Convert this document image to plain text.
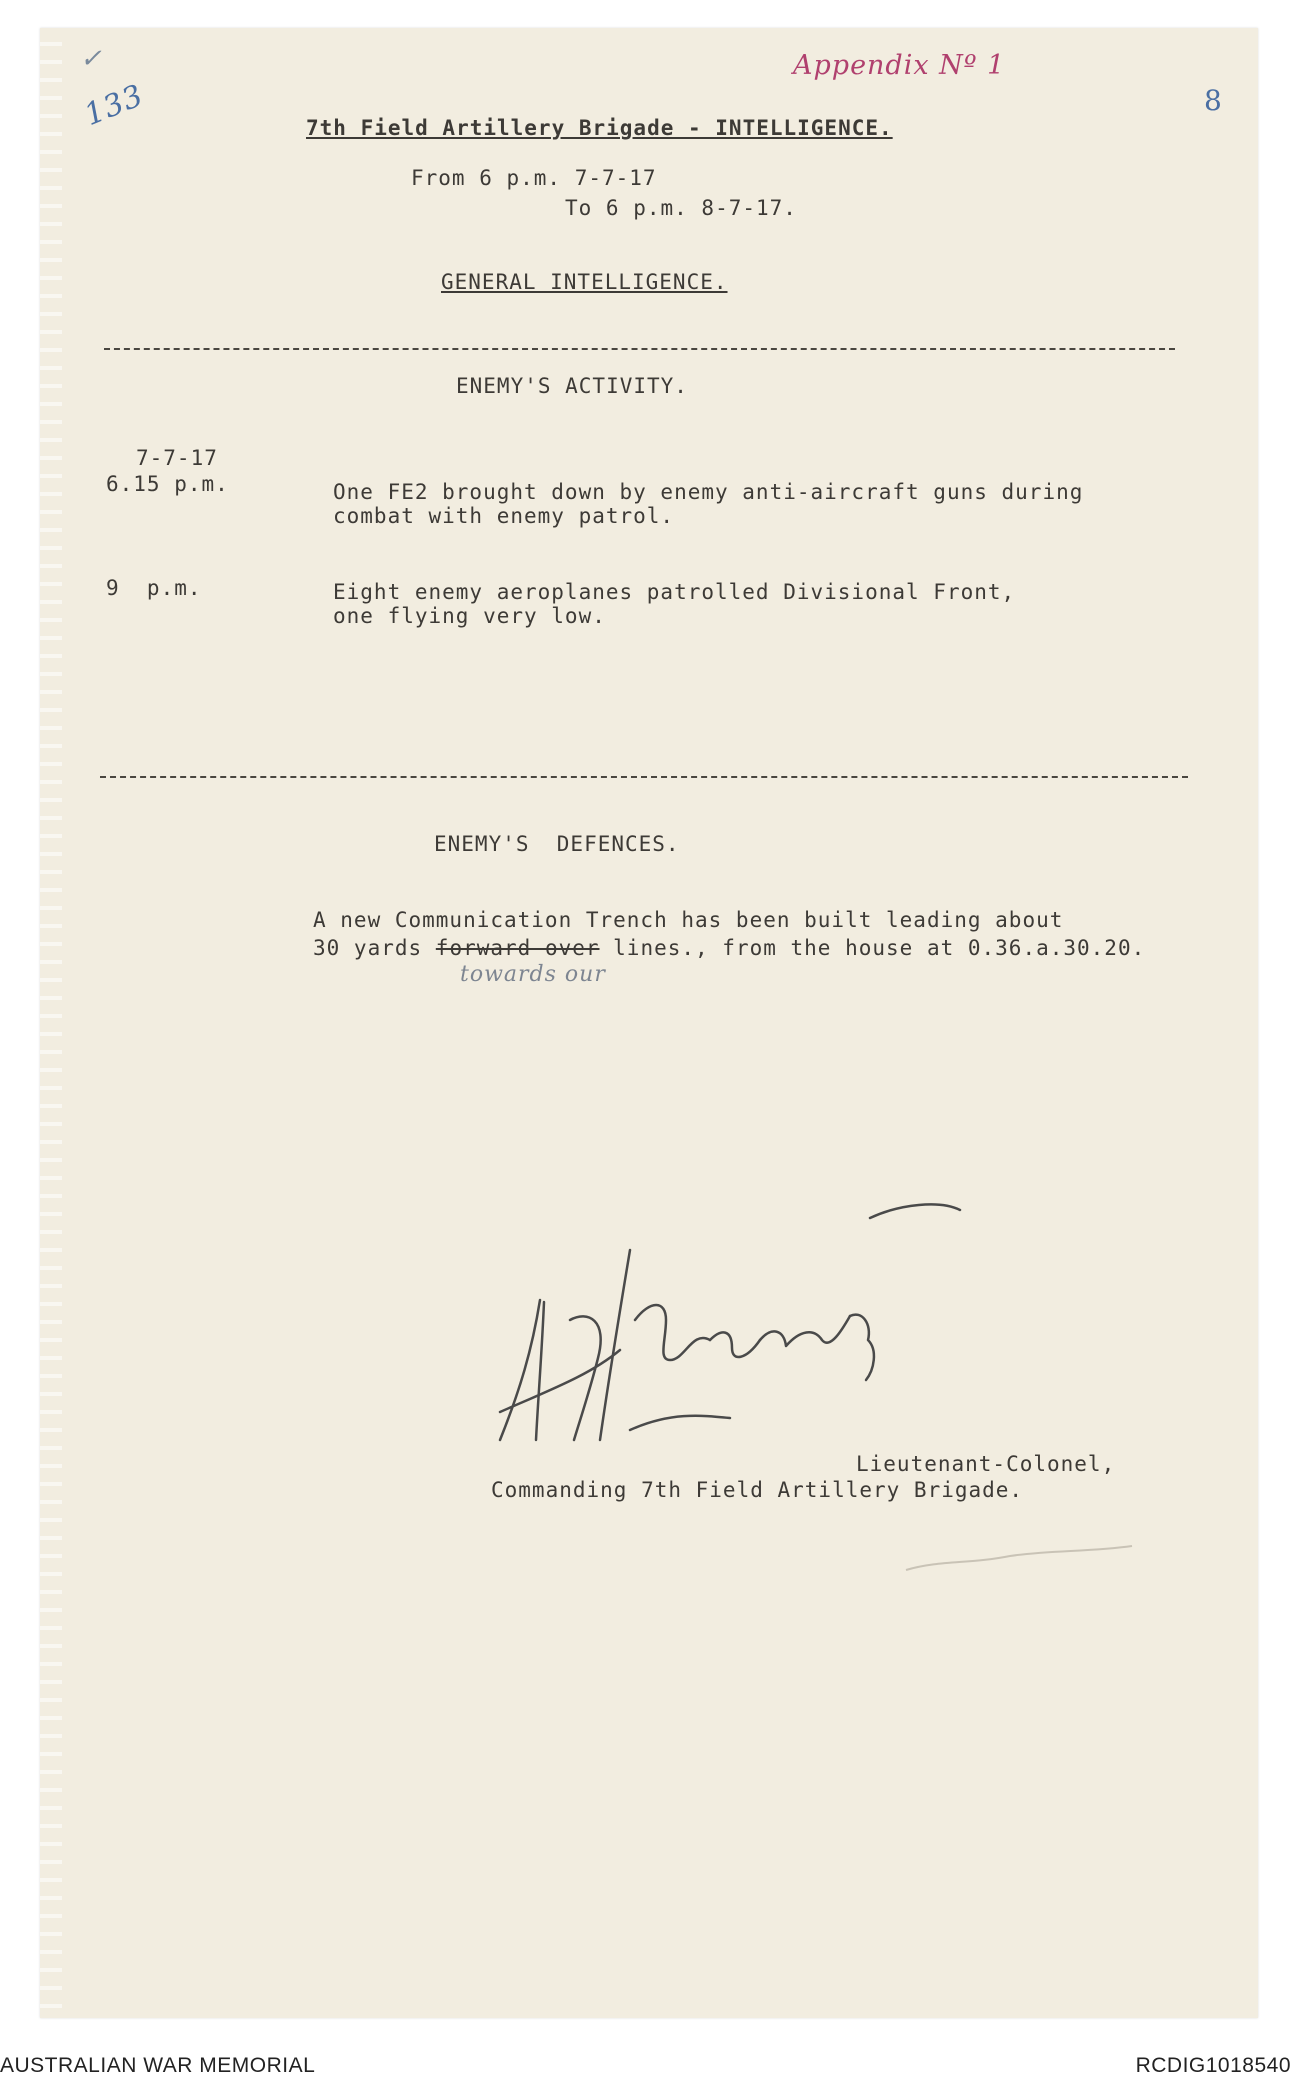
✓
133
Appendix Nº 1
8
7th Field Artillery Brigade - INTELLIGENCE.
From 6 p.m. 7-7-17
To 6 p.m. 8-7-17.
GENERAL INTELLIGENCE.
ENEMY'S ACTIVITY.
7-7-17
6.15 p.m.	One FE2 brought down by enemy anti-aircraft guns during
combat with enemy patrol.
9  p.m.	Eight enemy aeroplanes patrolled Divisional Front,
one flying very low.
ENEMY'S  DEFENCES.
A new Communication Trench has been built leading about
30 yards forward over lines., from the house at 0.36.a.30.20.
towards our
Lieutenant-Colonel,
Commanding 7th Field Artillery Brigade.
AUSTRALIAN WAR MEMORIAL	RCDIG1018540
